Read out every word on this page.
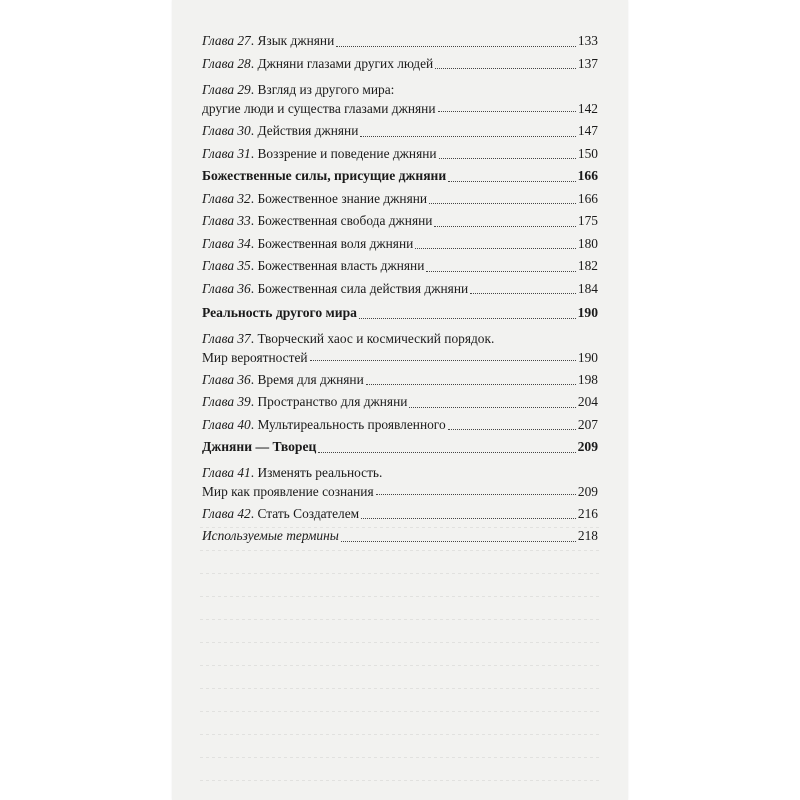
Глава 27. Язык джняни	133
Глава 28. Джняни глазами других людей	137
Глава 29. Взгляд из другого мира:
другие люди и существа глазами джняни	142
Глава 30. Действия джняни	147
Глава 31. Воззрение и поведение джняни	150
Божественные силы, присущие джняни	166
Глава 32. Божественное знание джняни	166
Глава 33. Божественная свобода джняни	175
Глава 34. Божественная воля джняни	180
Глава 35. Божественная власть джняни	182
Глава 36. Божественная сила действия джняни	184
Реальность другого мира	190
Глава 37. Творческий хаос и космический порядок.
Мир вероятностей	190
Глава 36. Время для джняни	198
Глава 39. Пространство для джняни	204
Глава 40. Мультиреальность проявленного	207
Джняни — Творец	209
Глава 41. Изменять реальность.
Мир как проявление сознания	209
Глава 42. Стать Создателем	216
Используемые термины	218
